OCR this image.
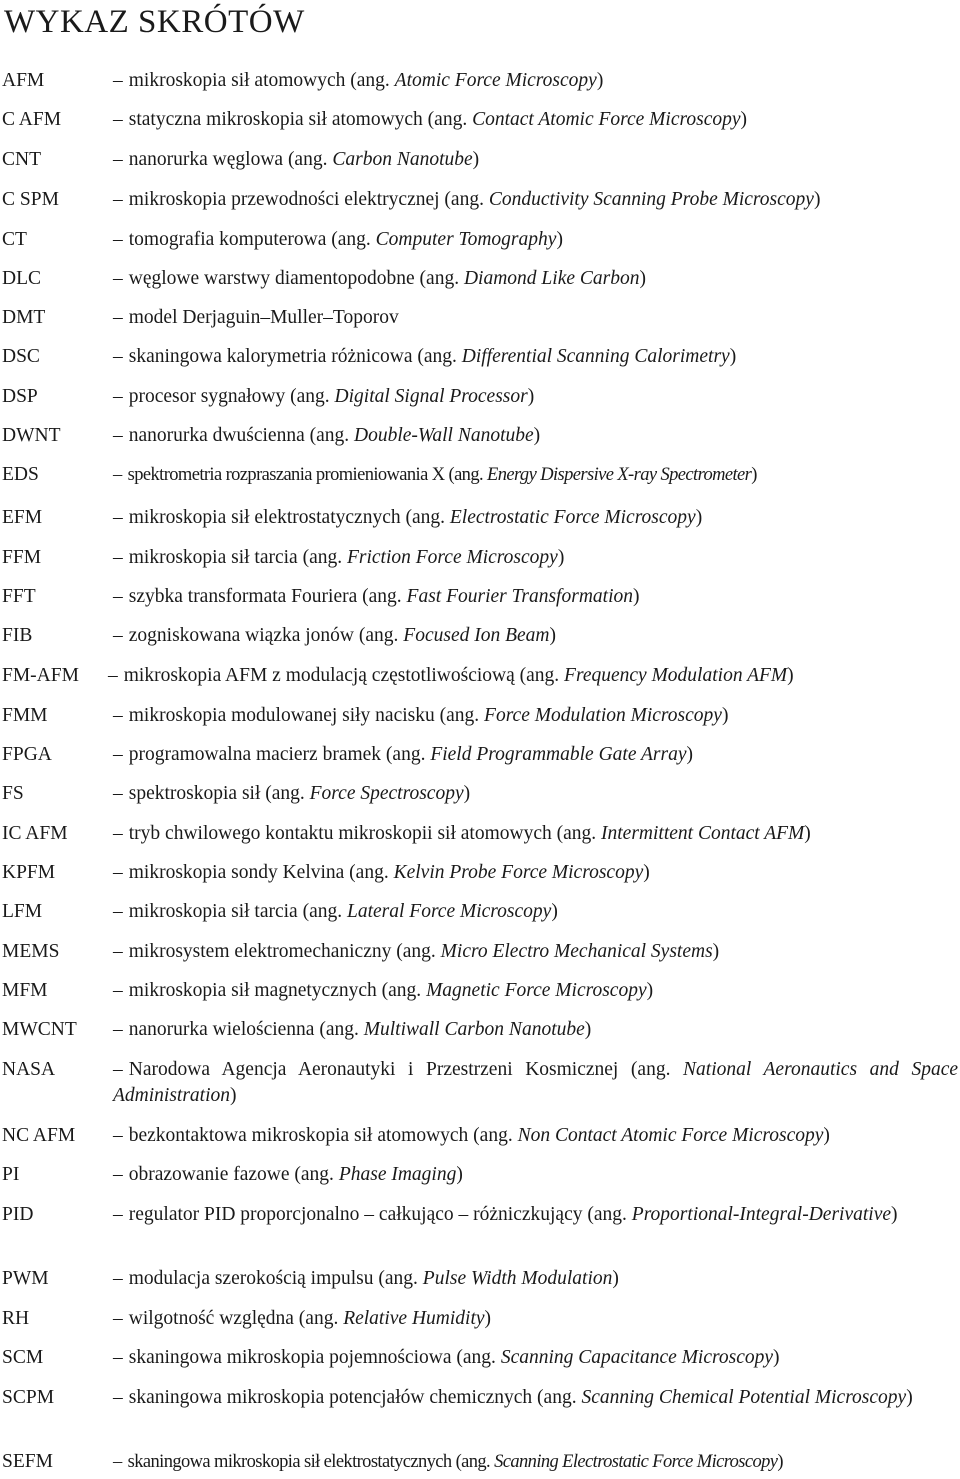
WYKAZ SKRÓTÓW
AFM	– mikroskopia sił atomowych (ang. Atomic Force Microscopy)
C AFM	– statyczna mikroskopia sił atomowych (ang. Contact Atomic Force Microscopy)
CNT	– nanorurka węglowa (ang. Carbon Nanotube)
C SPM	– mikroskopia przewodności elektrycznej (ang. Conductivity Scanning Probe Microscopy)
CT	– tomografia komputerowa (ang. Computer Tomography)
DLC	– węglowe warstwy diamentopodobne (ang. Diamond Like Carbon)
DMT	– model Derjaguin–Muller–Toporov
DSC	– skaningowa kalorymetria różnicowa (ang. Differential Scanning Calorimetry)
DSP	– procesor sygnałowy (ang. Digital Signal Processor)
DWNT	– nanorurka dwuścienna (ang. Double-Wall Nanotube)
EDS	– spektrometria rozpraszania promieniowania X (ang. Energy Dispersive X-ray Spectrometer)
EFM	– mikroskopia sił elektrostatycznych (ang. Electrostatic Force Microscopy)
FFM	– mikroskopia sił tarcia (ang. Friction Force Microscopy)
FFT	– szybka transformata Fouriera (ang. Fast Fourier Transformation)
FIB	– zogniskowana wiązka jonów (ang. Focused Ion Beam)
FM-AFM – mikroskopia AFM z modulacją częstotliwościową (ang. Frequency Modulation AFM)
FMM	– mikroskopia modulowanej siły nacisku (ang. Force Modulation Microscopy)
FPGA	– programowalna macierz bramek (ang. Field Programmable Gate Array)
FS	– spektroskopia sił (ang. Force Spectroscopy)
IC AFM – tryb chwilowego kontaktu mikroskopii sił atomowych (ang. Intermittent Contact AFM)
KPFM	– mikroskopia sondy Kelvina (ang. Kelvin Probe Force Microscopy)
LFM	– mikroskopia sił tarcia (ang. Lateral Force Microscopy)
MEMS	– mikrosystem elektromechaniczny (ang. Micro Electro Mechanical Systems)
MFM	– mikroskopia sił magnetycznych (ang. Magnetic Force Microscopy)
MWCNT – nanorurka wielościenna (ang. Multiwall Carbon Nanotube)
NASA	– Narodowa Agencja Aeronautyki i Przestrzeni Kosmicznej (ang. National Aeronautics and Space Administration)
NC AFM – bezkontaktowa mikroskopia sił atomowych (ang. Non Contact Atomic Force Microscopy)
PI	– obrazowanie fazowe (ang. Phase Imaging)
PID	– regulator PID proporcjonalno – całkująco – różniczkujący (ang. Proportional-Integral-Derivative)
PWM	– modulacja szerokością impulsu (ang. Pulse Width Modulation)
RH	– wilgotność względna (ang. Relative Humidity)
SCM	– skaningowa mikroskopia pojemnościowa (ang. Scanning Capacitance Microscopy)
SCPM	– skaningowa mikroskopia potencjałów chemicznych (ang. Scanning Chemical Potential Microscopy)
SEFM	– skaningowa mikroskopia sił elektrostatycznych (ang. Scanning Electrostatic Force Microscopy)
